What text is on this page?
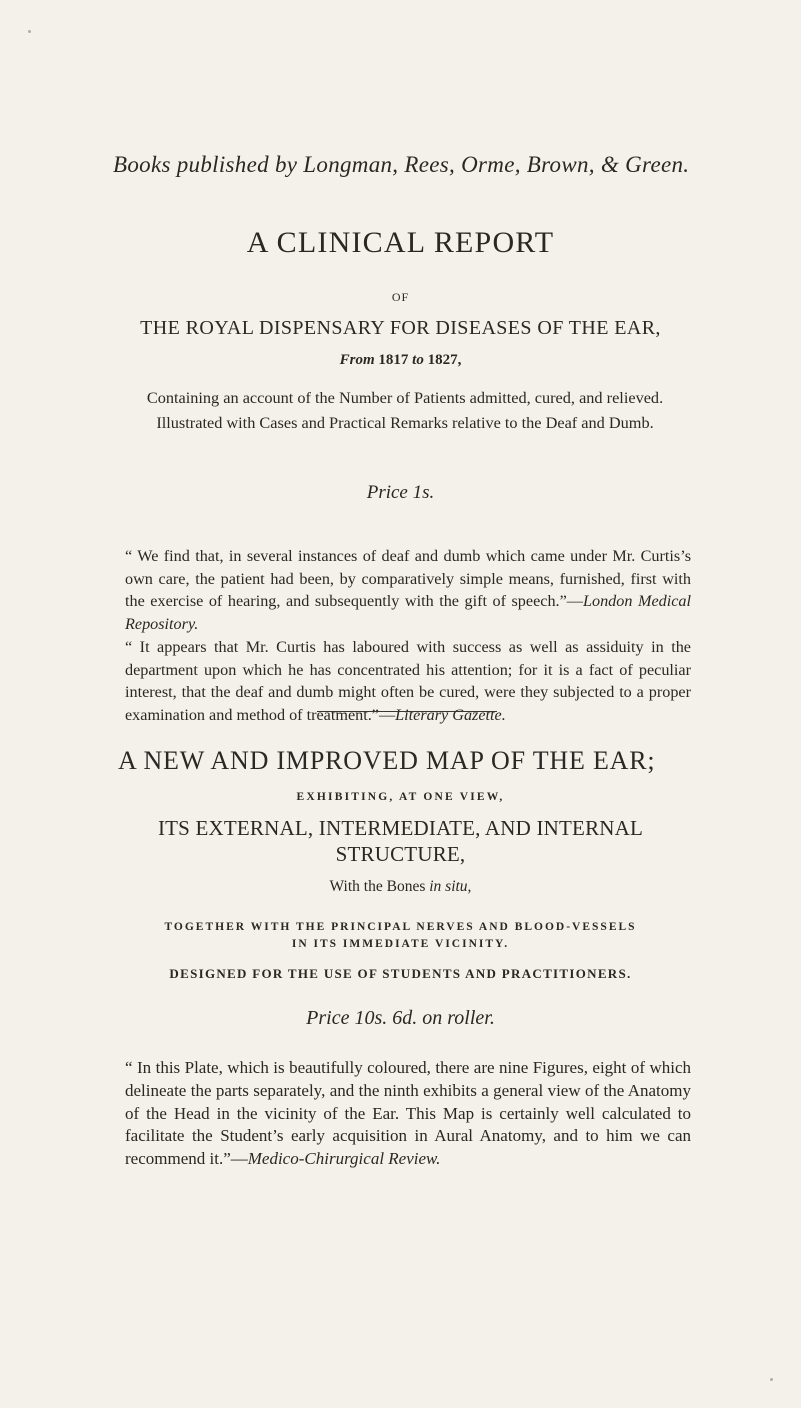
Books published by Longman, Rees, Orme, Brown, & Green.

A CLINICAL REPORT

OF

THE ROYAL DISPENSARY FOR DISEASES OF THE EAR,

From 1817 to 1827,

Containing an account of the Number of Patients admitted, cured, and relieved. Illustrated with Cases and Practical Remarks relative to the Deaf and Dumb.

Price 1s.

“ We find that, in several instances of deaf and dumb which came under Mr. Curtis’s own care, the patient had been, by comparatively simple means, furnished, first with the exercise of hearing, and subsequently with the gift of speech.”—London Medical Repository.

“ It appears that Mr. Curtis has laboured with success as well as assiduity in the department upon which he has concentrated his attention; for it is a fact of peculiar interest, that the deaf and dumb might often be cured, were they subjected to a proper examination and method of treatment.”—Literary Gazette.

A NEW AND IMPROVED MAP OF THE EAR;

EXHIBITING, AT ONE VIEW,

ITS EXTERNAL, INTERMEDIATE, AND INTERNAL
STRUCTURE,

With the Bones in situ,

TOGETHER WITH THE PRINCIPAL NERVES AND BLOOD-VESSELS
IN ITS IMMEDIATE VICINITY.

DESIGNED FOR THE USE OF STUDENTS AND PRACTITIONERS.

Price 10s. 6d. on roller.

“ In this Plate, which is beautifully coloured, there are nine Figures, eight of which delineate the parts separately, and the ninth exhibits a general view of the Anatomy of the Head in the vicinity of the Ear. This Map is certainly well calculated to facilitate the Student’s early acquisition in Aural Anatomy, and to him we can recommend it.”—Medico-Chirurgical Review.
